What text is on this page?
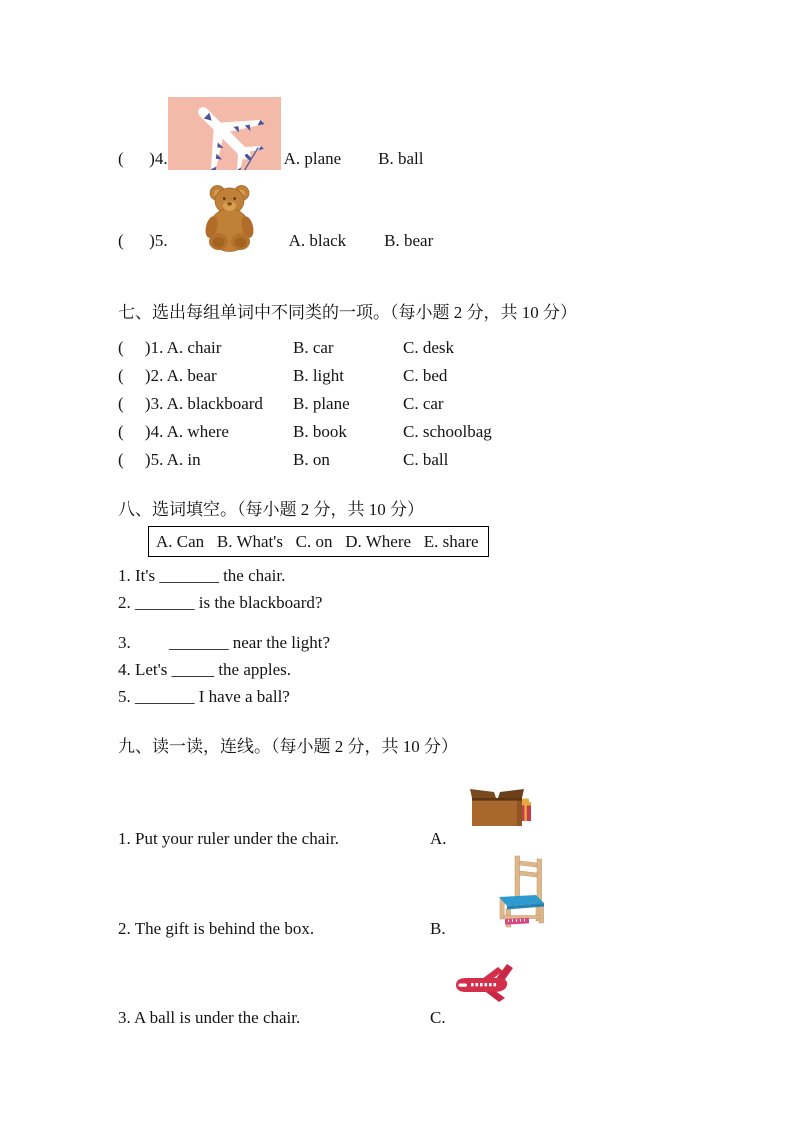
(      )4.	A. plane B. ball
(      )5.	A. black B. bear
七、选出每组单词中不同类的一项。（每小题 2 分，共 10 分）
(     )1. A. chair	B. car	C. desk
(     )2. A. bear	B. light	C. bed
(     )3. A. blackboard	B. plane	C. car
(     )4. A. where	B. book	C. schoolbag
(     )5. A. in	B. on	C. ball
八、选词填空。（每小题 2 分，共 10 分）
A. Can   B. What's   C. on   D. Where   E. share
1. It's _______ the chair.
2. _______ is the blackboard?
3.         _______ near the light?
4. Let's _____ the apples.
5. _______ I have a ball?
九、读一读，连线。（每小题 2 分，共 10 分）
1. Put your ruler under the chair.	A.
2. The gift is behind the box.	B.
3. A ball is under the chair.	C.
